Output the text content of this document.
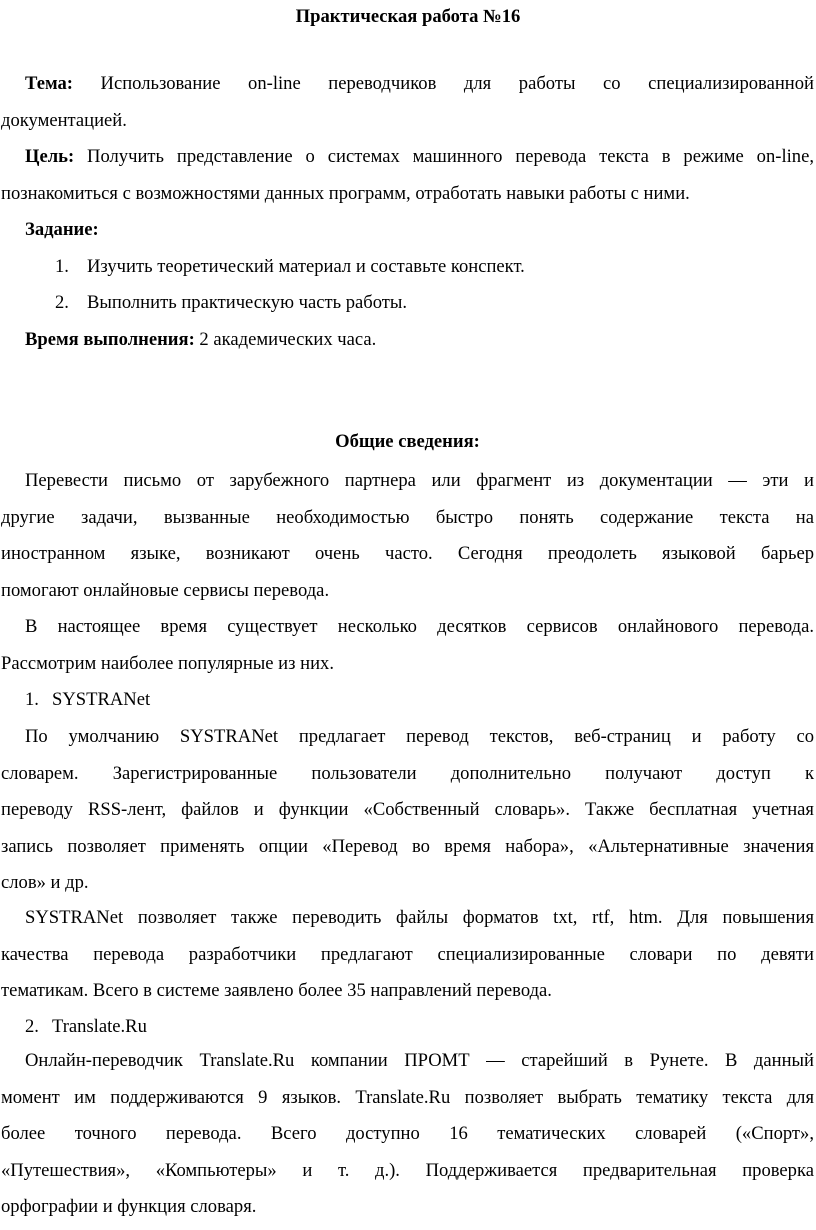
Практическая работа №16

Тема: Использование on-line переводчиков для работы со специализированной

документацией.

Цель: Получить представление о системах машинного перевода текста в режиме on-line,

познакомиться с возможностями данных программ, отработать навыки работы с ними.

Задание:

1. Изучить теоретический материал и составьте конспект.
2. Выполнить практическую часть работы.

Время выполнения: 2 академических часа.

Общие сведения:

Перевести письмо от зарубежного партнера или фрагмент из документации — эти и

другие задачи, вызванные необходимостью быстро понять содержание текста на

иностранном языке, возникают очень часто. Сегодня преодолеть языковой барьер

помогают онлайновые сервисы перевода.

В настоящее время существует несколько десятков сервисов онлайнового перевода.

Рассмотрим наиболее популярные из них.

1. SYSTRANet

По умолчанию SYSTRANet предлагает перевод текстов, веб-страниц и работу со

словарем. Зарегистрированные пользователи дополнительно получают доступ к

переводу RSS-лент, файлов и функции «Собственный словарь». Также бесплатная учетная

запись позволяет применять опции «Перевод во время набора», «Альтернативные значения

слов» и др.

SYSTRANet позволяет также переводить файлы форматов txt, rtf, htm. Для повышения

качества перевода разработчики предлагают специализированные словари по девяти

тематикам. Всего в системе заявлено более 35 направлений перевода.

2. Translate.Ru

Онлайн-переводчик Translate.Ru компании ПРОМТ — старейший в Рунете. В данный

момент им поддерживаются 9 языков. Translate.Ru позволяет выбрать тематику текста для

более точного перевода. Всего доступно 16 тематических словарей («Спорт»,

«Путешествия», «Компьютеры» и т. д.). Поддерживается предварительная проверка

орфографии и функция словаря.
